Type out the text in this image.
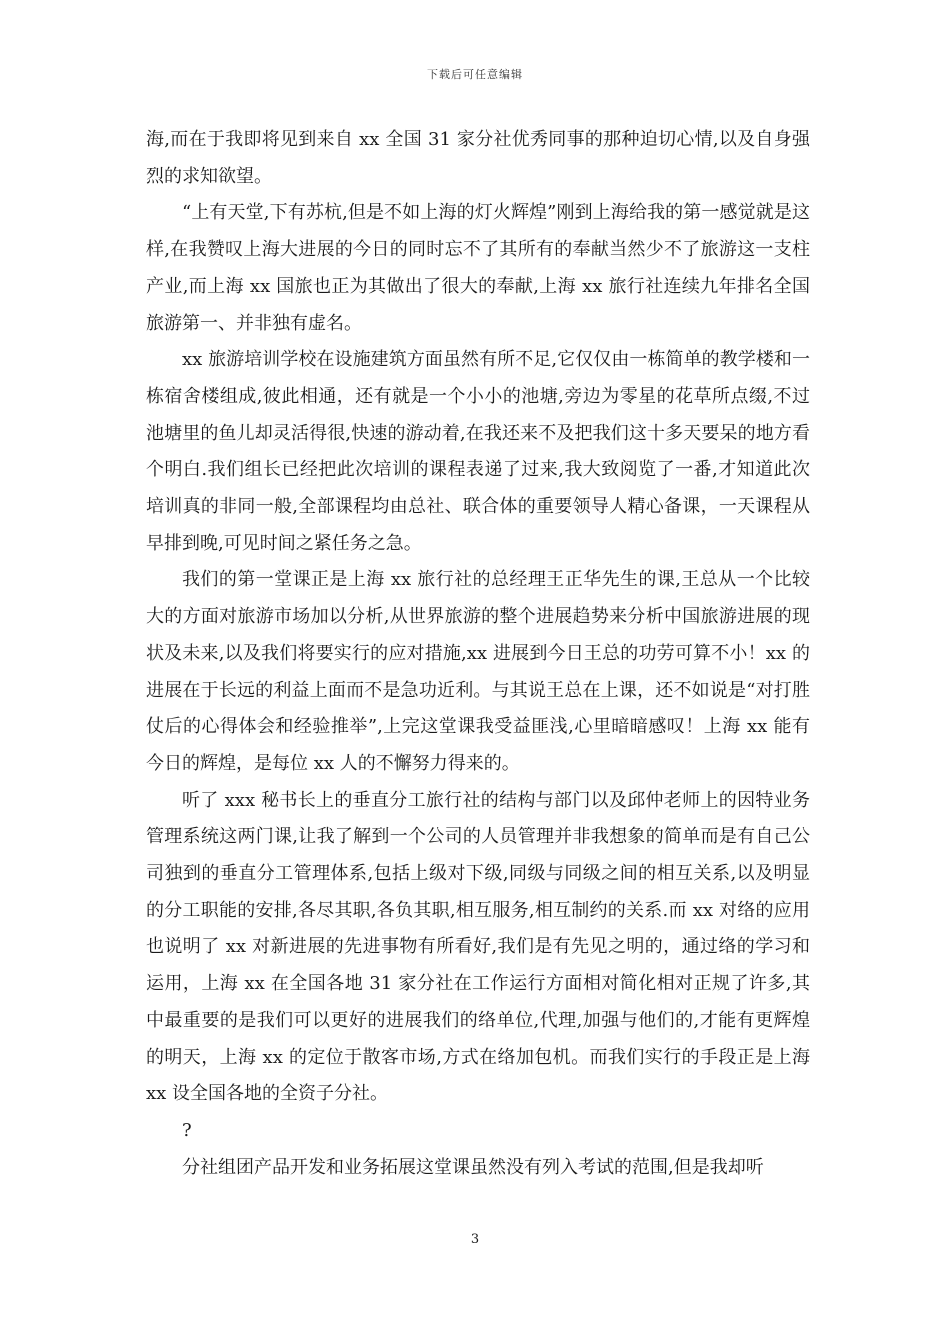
下载后可任意编辑

海,而在于我即将见到来自 xx 全国 31 家分社优秀同事的那种迫切心情,以及自身强烈的求知欲望。

“上有天堂,下有苏杭,但是不如上海的灯火辉煌”刚到上海给我的第一感觉就是这样,在我赞叹上海大进展的今日的同时忘不了其所有的奉献当然少不了旅游这一支柱产业,而上海 xx 国旅也正为其做出了很大的奉献,上海 xx 旅行社连续九年排名全国旅游第一、并非独有虚名。

xx 旅游培训学校在设施建筑方面虽然有所不足,它仅仅由一栋简单的教学楼和一栋宿舍楼组成,彼此相通，还有就是一个小小的池塘,旁边为零星的花草所点缀,不过池塘里的鱼儿却灵活得很,快速的游动着,在我还来不及把我们这十多天要呆的地方看个明白.我们组长已经把此次培训的课程表递了过来,我大致阅览了一番,才知道此次培训真的非同一般,全部课程均由总社、联合体的重要领导人精心备课，一天课程从早排到晚,可见时间之紧任务之急。

我们的第一堂课正是上海 xx 旅行社的总经理王正华先生的课,王总从一个比较大的方面对旅游市场加以分析,从世界旅游的整个进展趋势来分析中国旅游进展的现状及未来,以及我们将要实行的应对措施,xx 进展到今日王总的功劳可算不小！xx 的进展在于长远的利益上面而不是急功近利。与其说王总在上课，还不如说是“对打胜仗后的心得体会和经验推举”,上完这堂课我受益匪浅,心里暗暗感叹！上海 xx 能有今日的辉煌，是每位 xx 人的不懈努力得来的。

听了 xxx 秘书长上的垂直分工旅行社的结构与部门以及邱仲老师上的因特业务管理系统这两门课,让我了解到一个公司的人员管理并非我想象的简单而是有自己公司独到的垂直分工管理体系,包括上级对下级,同级与同级之间的相互关系,以及明显的分工职能的安排,各尽其职,各负其职,相互服务,相互制约的关系.而 xx 对络的应用也说明了 xx 对新进展的先进事物有所看好,我们是有先见之明的，通过络的学习和运用，上海 xx 在全国各地 31 家分社在工作运行方面相对简化相对正规了许多,其中最重要的是我们可以更好的进展我们的络单位,代理,加强与他们的,才能有更辉煌的明天，上海 xx 的定位于散客市场,方式在络加包机。而我们实行的手段正是上海 xx 设全国各地的全资子分社。

?

分社组团产品开发和业务拓展这堂课虽然没有列入考试的范围,但是我却听

3
